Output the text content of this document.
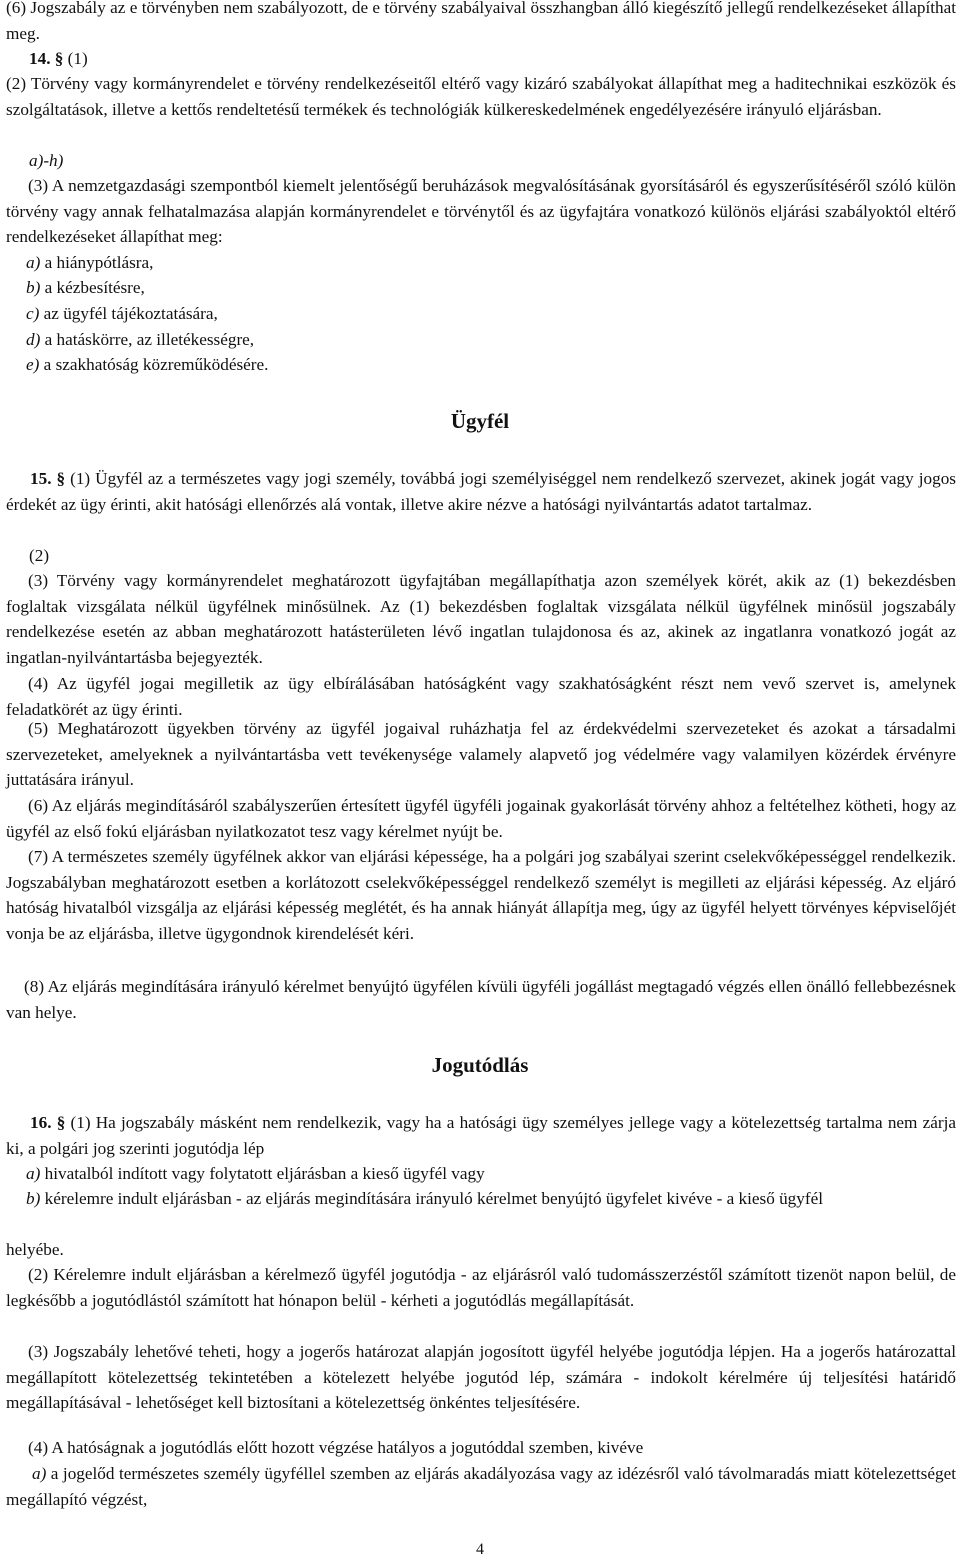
(6) Jogszabály az e törvényben nem szabályozott, de e törvény szabályaival összhangban álló kiegészítő jellegű rendelkezéseket állapíthat meg.
14. § (1)
(2) Törvény vagy kormányrendelet e törvény rendelkezéseitől eltérő vagy kizáró szabályokat állapíthat meg a haditechnikai eszközök és szolgáltatások, illetve a kettős rendeltetésű termékek és technológiák külkereskedelmének engedélyezésére irányuló eljárásban.
a)-h)
(3) A nemzetgazdasági szempontból kiemelt jelentőségű beruházások megvalósításának gyorsításáról és egyszerűsítéséről szóló külön törvény vagy annak felhatalmazása alapján kormányrendelet e törvénytől és az ügyfajtára vonatkozó különös eljárási szabályoktól eltérő rendelkezéseket állapíthat meg:
a) a hiánypótlásra,
b) a kézbesítésre,
c) az ügyfél tájékoztatására,
d) a hatáskörre, az illetékességre,
e) a szakhatóság közreműködésére.
Ügyfél
15. § (1) Ügyfél az a természetes vagy jogi személy, továbbá jogi személyiséggel nem rendelkező szervezet, akinek jogát vagy jogos érdekét az ügy érinti, akit hatósági ellenőrzés alá vontak, illetve akire nézve a hatósági nyilvántartás adatot tartalmaz.
(2)
(3) Törvény vagy kormányrendelet meghatározott ügyfajtában megállapíthatja azon személyek körét, akik az (1) bekezdésben foglaltak vizsgálata nélkül ügyfélnek minősülnek. Az (1) bekezdésben foglaltak vizsgálata nélkül ügyfélnek minősül jogszabály rendelkezése esetén az abban meghatározott hatásterületen lévő ingatlan tulajdonosa és az, akinek az ingatlanra vonatkozó jogát az ingatlan-nyilvántartásba bejegyezték.
(4) Az ügyfél jogai megilletik az ügy elbírálásában hatóságként vagy szakhatóságként részt nem vevő szervet is, amelynek feladatkörét az ügy érinti.
(5) Meghatározott ügyekben törvény az ügyfél jogaival ruházhatja fel az érdekvédelmi szervezeteket és azokat a társadalmi szervezeteket, amelyeknek a nyilvántartásba vett tevékenysége valamely alapvető jog védelmére vagy valamilyen közérdek érvényre juttatására irányul.
(6) Az eljárás megindításáról szabályszerűen értesített ügyfél ügyféli jogainak gyakorlását törvény ahhoz a feltételhez kötheti, hogy az ügyfél az első fokú eljárásban nyilatkozatot tesz vagy kérelmet nyújt be.
(7) A természetes személy ügyfélnek akkor van eljárási képessége, ha a polgári jog szabályai szerint cselekvőképességgel rendelkezik. Jogszabályban meghatározott esetben a korlátozott cselekvőképességgel rendelkező személyt is megilleti az eljárási képesség. Az eljáró hatóság hivatalból vizsgálja az eljárási képesség meglétét, és ha annak hiányát állapítja meg, úgy az ügyfél helyett törvényes képviselőjét vonja be az eljárásba, illetve ügygondnok kirendelését kéri.
(8) Az eljárás megindítására irányuló kérelmet benyújtó ügyfélen kívüli ügyféli jogállást megtagadó végzés ellen önálló fellebbezésnek van helye.
Jogutódlás
16. § (1) Ha jogszabály másként nem rendelkezik, vagy ha a hatósági ügy személyes jellege vagy a kötelezettség tartalma nem zárja ki, a polgári jog szerinti jogutódja lép
a) hivatalból indított vagy folytatott eljárásban a kieső ügyfél vagy
b) kérelemre indult eljárásban - az eljárás megindítására irányuló kérelmet benyújtó ügyfelet kivéve - a kieső ügyfél
helyébe.
(2) Kérelemre indult eljárásban a kérelmező ügyfél jogutódja - az eljárásról való tudomásszerzéstől számított tizenöt napon belül, de legkésőbb a jogutódlástól számított hat hónapon belül - kérheti a jogutódlás megállapítását.
(3) Jogszabály lehetővé teheti, hogy a jogerős határozat alapján jogosított ügyfél helyébe jogutódja lépjen. Ha a jogerős határozattal megállapított kötelezettség tekintetében a kötelezett helyébe jogutód lép, számára - indokolt kérelmére új teljesítési határidő megállapításával - lehetőséget kell biztosítani a kötelezettség önkéntes teljesítésére.
(4) A hatóságnak a jogutódlás előtt hozott végzése hatályos a jogutóddal szemben, kivéve
a) a jogelőd természetes személy ügyféllel szemben az eljárás akadályozása vagy az idézésről való távolmaradás miatt kötelezettséget megállapító végzést,
4
